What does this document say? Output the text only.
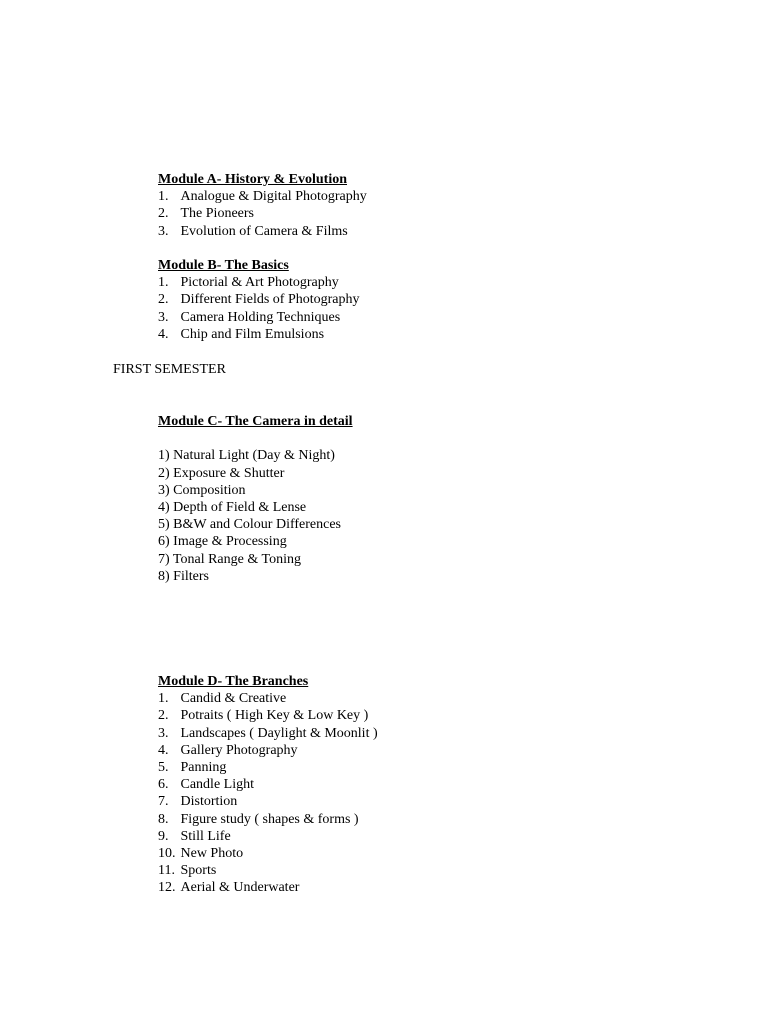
Module A- History & Evolution
1. Analogue & Digital Photography
2. The Pioneers
3. Evolution of Camera & Films
Module B- The Basics
1. Pictorial & Art Photography
2. Different Fields of Photography
3. Camera Holding Techniques
4. Chip and Film Emulsions
FIRST SEMESTER
Module C- The Camera in detail
1) Natural Light (Day & Night)
2) Exposure & Shutter
3) Composition
4) Depth of Field & Lense
5) B&W and Colour Differences
6) Image & Processing
7) Tonal Range & Toning
8) Filters
Module D- The Branches
1. Candid & Creative
2. Potraits ( High Key & Low Key )
3. Landscapes ( Daylight & Moonlit )
4. Gallery Photography
5. Panning
6. Candle Light
7. Distortion
8. Figure study ( shapes & forms )
9. Still Life
10. New Photo
11. Sports
12. Aerial & Underwater
